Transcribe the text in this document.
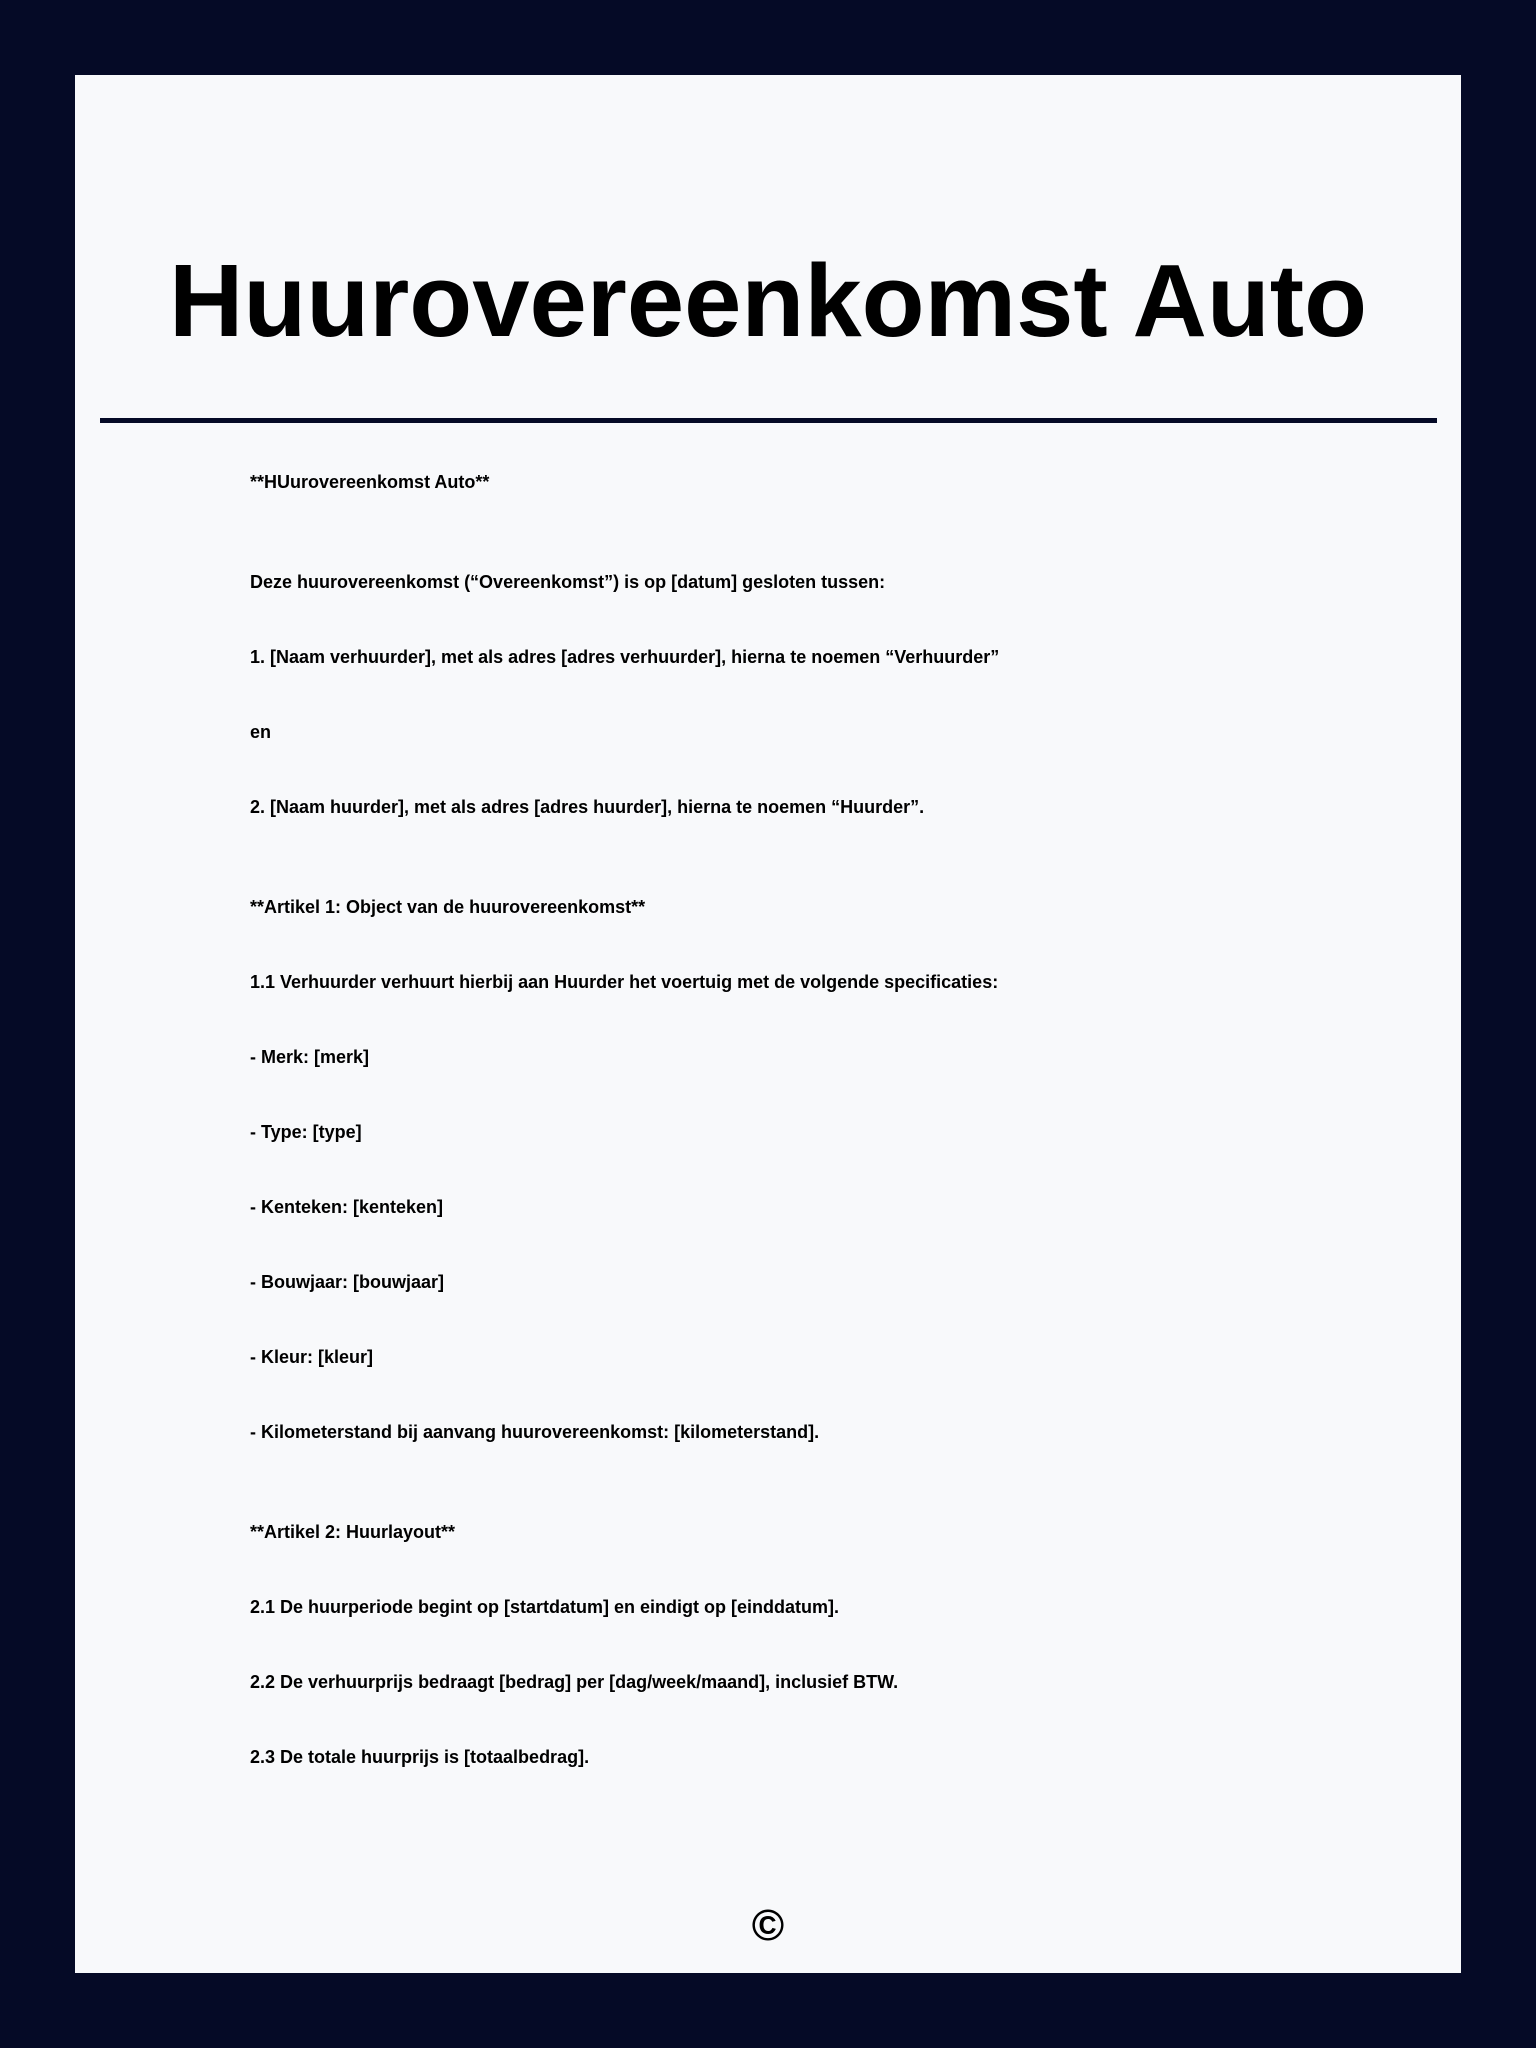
Huurovereenkomst Auto

**HUurovereenkomst Auto**

Deze huurovereenkomst (“Overeenkomst”) is op [datum] gesloten tussen:

1. [Naam verhuurder], met als adres [adres verhuurder], hierna te noemen “Verhuurder”

en

2. [Naam huurder], met als adres [adres huurder], hierna te noemen “Huurder”.

**Artikel 1: Object van de huurovereenkomst**

1.1 Verhuurder verhuurt hierbij aan Huurder het voertuig met de volgende specificaties:

- Merk: [merk]

- Type: [type]

- Kenteken: [kenteken]

- Bouwjaar: [bouwjaar]

- Kleur: [kleur]

- Kilometerstand bij aanvang huurovereenkomst: [kilometerstand].

**Artikel 2: Huurlayout**

2.1 De huurperiode begint op [startdatum] en eindigt op [einddatum].

2.2 De verhuurprijs bedraagt [bedrag] per [dag/week/maand], inclusief BTW.

2.3 De totale huurprijs is [totaalbedrag].

©
